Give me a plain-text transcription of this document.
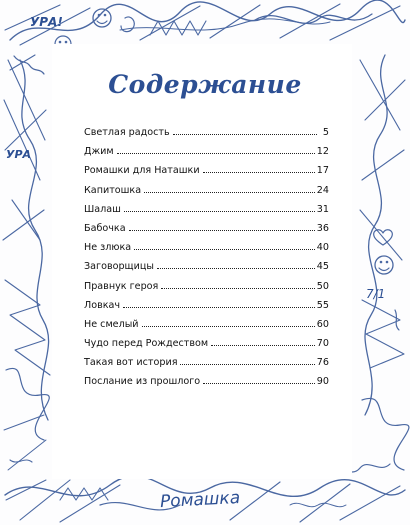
УРА!
УРА
Ромашка
7/1
Содержание
Светлая радость	5
Джим	12
Ромашки для Наташки	17
Капитошка	24
Шалаш	31
Бабочка	36
Не злюка	40
Заговорщицы	45
Правнук героя	50
Ловкач	55
Не смелый	60
Чудо перед Рождеством	70
Такая вот история	76
Послание из прошлого	90
